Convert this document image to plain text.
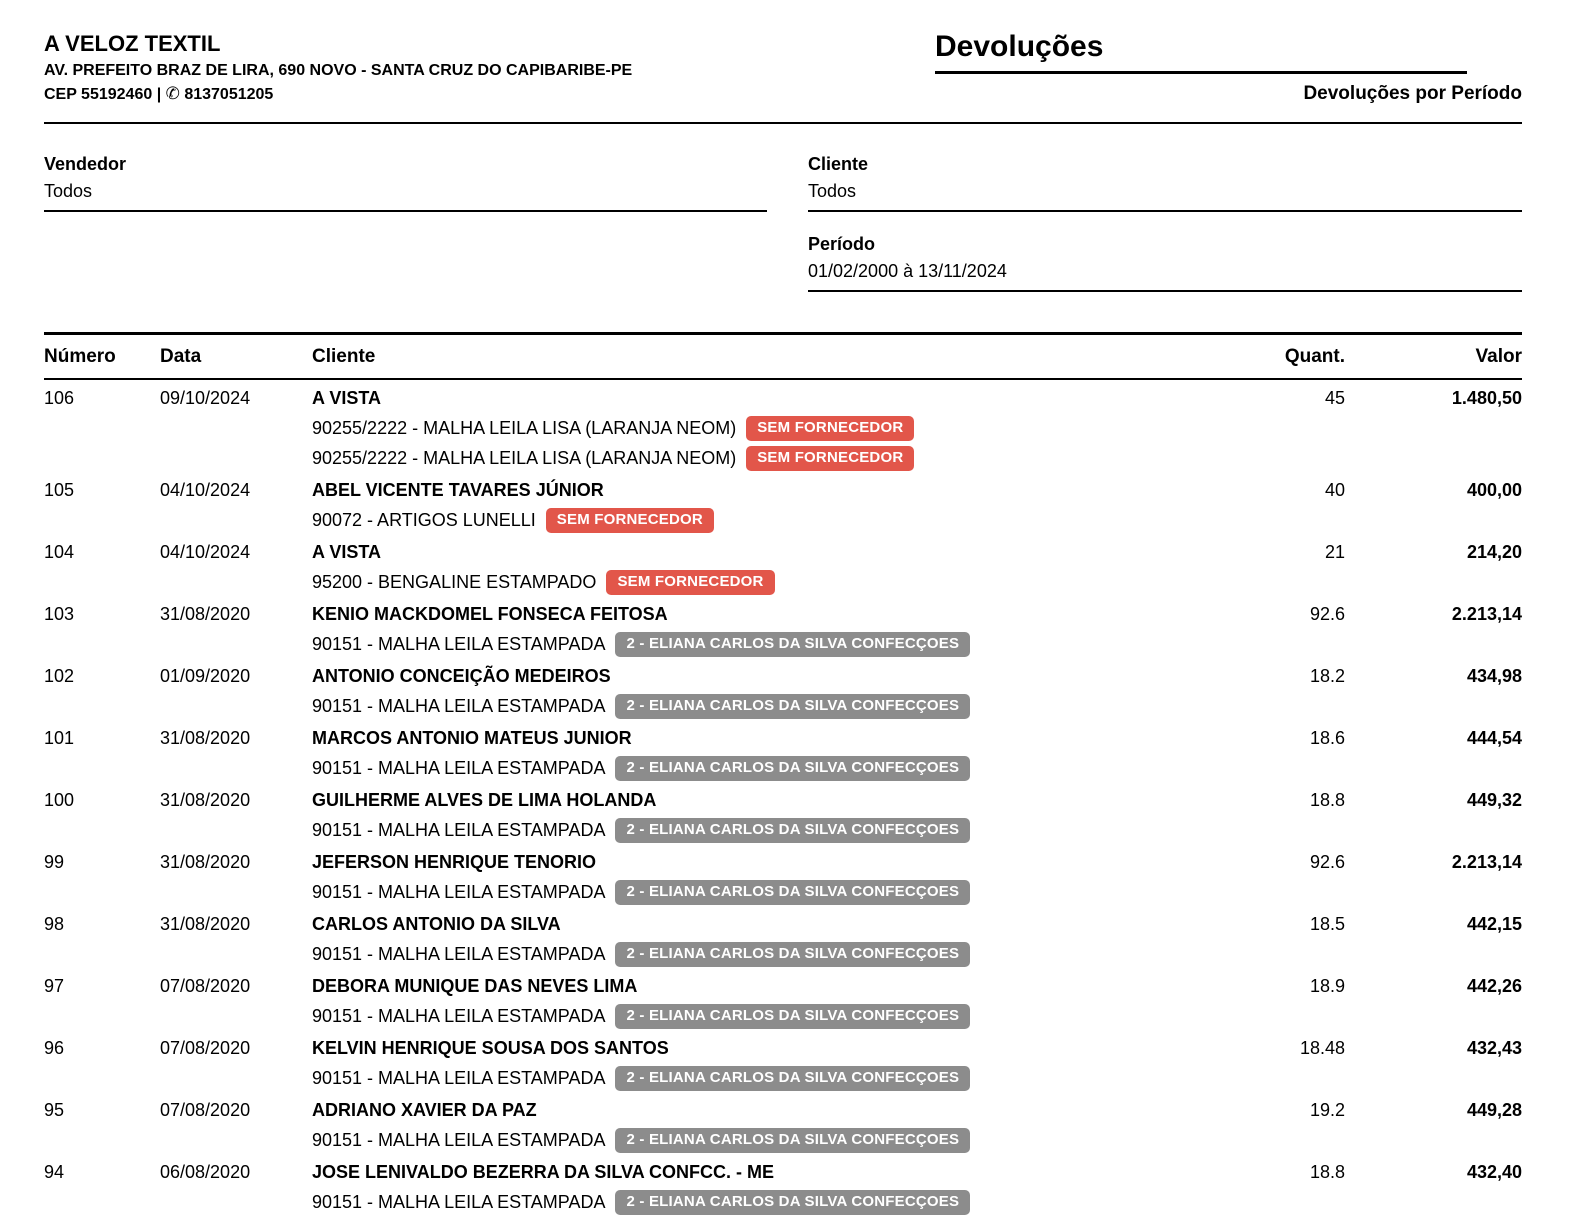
A VELOZ TEXTIL
AV. PREFEITO BRAZ DE LIRA, 690 NOVO - SANTA CRUZ DO CAPIBARIBE-PE
CEP 55192460 | ✆ 8137051205
Devoluções
Devoluções por Período
Vendedor
Todos
Cliente
Todos
Período
01/02/2000 à 13/11/2024
Número	Data	Cliente	Quant.	Valor
106	09/10/2024	A VISTA	45	1.480,50
90255/2222 - MALHA LEILA LISA (LARANJA NEOM) SEM FORNECEDOR
90255/2222 - MALHA LEILA LISA (LARANJA NEOM) SEM FORNECEDOR
105	04/10/2024	ABEL VICENTE TAVARES JÚNIOR	40	400,00
90072 - ARTIGOS LUNELLI SEM FORNECEDOR
104	04/10/2024	A VISTA	21	214,20
95200 - BENGALINE ESTAMPADO SEM FORNECEDOR
103	31/08/2020	KENIO MACKDOMEL FONSECA FEITOSA	92.6	2.213,14
90151 - MALHA LEILA ESTAMPADA 2 - ELIANA CARLOS DA SILVA CONFECÇOES
102	01/09/2020	ANTONIO CONCEIÇÃO MEDEIROS	18.2	434,98
90151 - MALHA LEILA ESTAMPADA 2 - ELIANA CARLOS DA SILVA CONFECÇOES
101	31/08/2020	MARCOS ANTONIO MATEUS JUNIOR	18.6	444,54
90151 - MALHA LEILA ESTAMPADA 2 - ELIANA CARLOS DA SILVA CONFECÇOES
100	31/08/2020	GUILHERME ALVES DE LIMA HOLANDA	18.8	449,32
90151 - MALHA LEILA ESTAMPADA 2 - ELIANA CARLOS DA SILVA CONFECÇOES
99	31/08/2020	JEFERSON HENRIQUE TENORIO	92.6	2.213,14
90151 - MALHA LEILA ESTAMPADA 2 - ELIANA CARLOS DA SILVA CONFECÇOES
98	31/08/2020	CARLOS ANTONIO DA SILVA	18.5	442,15
90151 - MALHA LEILA ESTAMPADA 2 - ELIANA CARLOS DA SILVA CONFECÇOES
97	07/08/2020	DEBORA MUNIQUE DAS NEVES LIMA	18.9	442,26
90151 - MALHA LEILA ESTAMPADA 2 - ELIANA CARLOS DA SILVA CONFECÇOES
96	07/08/2020	KELVIN HENRIQUE SOUSA DOS SANTOS	18.48	432,43
90151 - MALHA LEILA ESTAMPADA 2 - ELIANA CARLOS DA SILVA CONFECÇOES
95	07/08/2020	ADRIANO XAVIER DA PAZ	19.2	449,28
90151 - MALHA LEILA ESTAMPADA 2 - ELIANA CARLOS DA SILVA CONFECÇOES
94	06/08/2020	JOSE LENIVALDO BEZERRA DA SILVA CONFCC. - ME	18.8	432,40
90151 - MALHA LEILA ESTAMPADA 2 - ELIANA CARLOS DA SILVA CONFECÇOES
